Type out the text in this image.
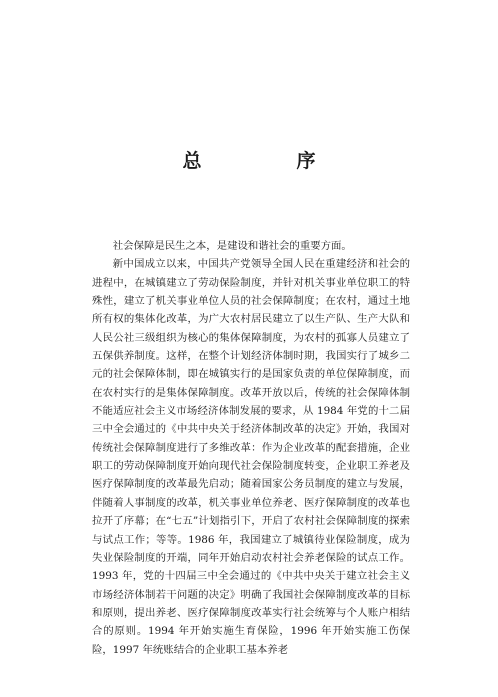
总　序

社会保障是民生之本，是建设和谐社会的重要方面。

新中国成立以来，中国共产党领导全国人民在重建经济和社会的进程中，在城镇建立了劳动保险制度，并针对机关事业单位职工的特殊性，建立了机关事业单位人员的社会保障制度；在农村，通过土地所有权的集体化改革，为广大农村居民建立了以生产队、生产大队和人民公社三级组织为核心的集体保障制度，为农村的孤寡人员建立了五保供养制度。这样，在整个计划经济体制时期，我国实行了城乡二元的社会保障体制，即在城镇实行的是国家负责的单位保障制度，而在农村实行的是集体保障制度。改革开放以后，传统的社会保障体制不能适应社会主义市场经济体制发展的要求，从 1984 年党的十二届三中全会通过的《中共中央关于经济体制改革的决定》开始，我国对传统社会保障制度进行了多维改革：作为企业改革的配套措施，企业职工的劳动保障制度开始向现代社会保险制度转变，企业职工养老及医疗保障制度的改革最先启动；随着国家公务员制度的建立与发展，伴随着人事制度的改革，机关事业单位养老、医疗保障制度的改革也拉开了序幕；在“七五”计划指引下，开启了农村社会保障制度的探索与试点工作；等等。1986 年，我国建立了城镇待业保险制度，成为失业保险制度的开端，同年开始启动农村社会养老保险的试点工作。1993 年，党的十四届三中全会通过的《中共中央关于建立社会主义市场经济体制若干问题的决定》明确了我国社会保障制度改革的目标和原则，提出养老、医疗保障制度改革实行社会统筹与个人账户相结合的原则。1994 年开始实施生育保险，1996 年开始实施工伤保险，1997 年统账结合的企业职工基本养老
